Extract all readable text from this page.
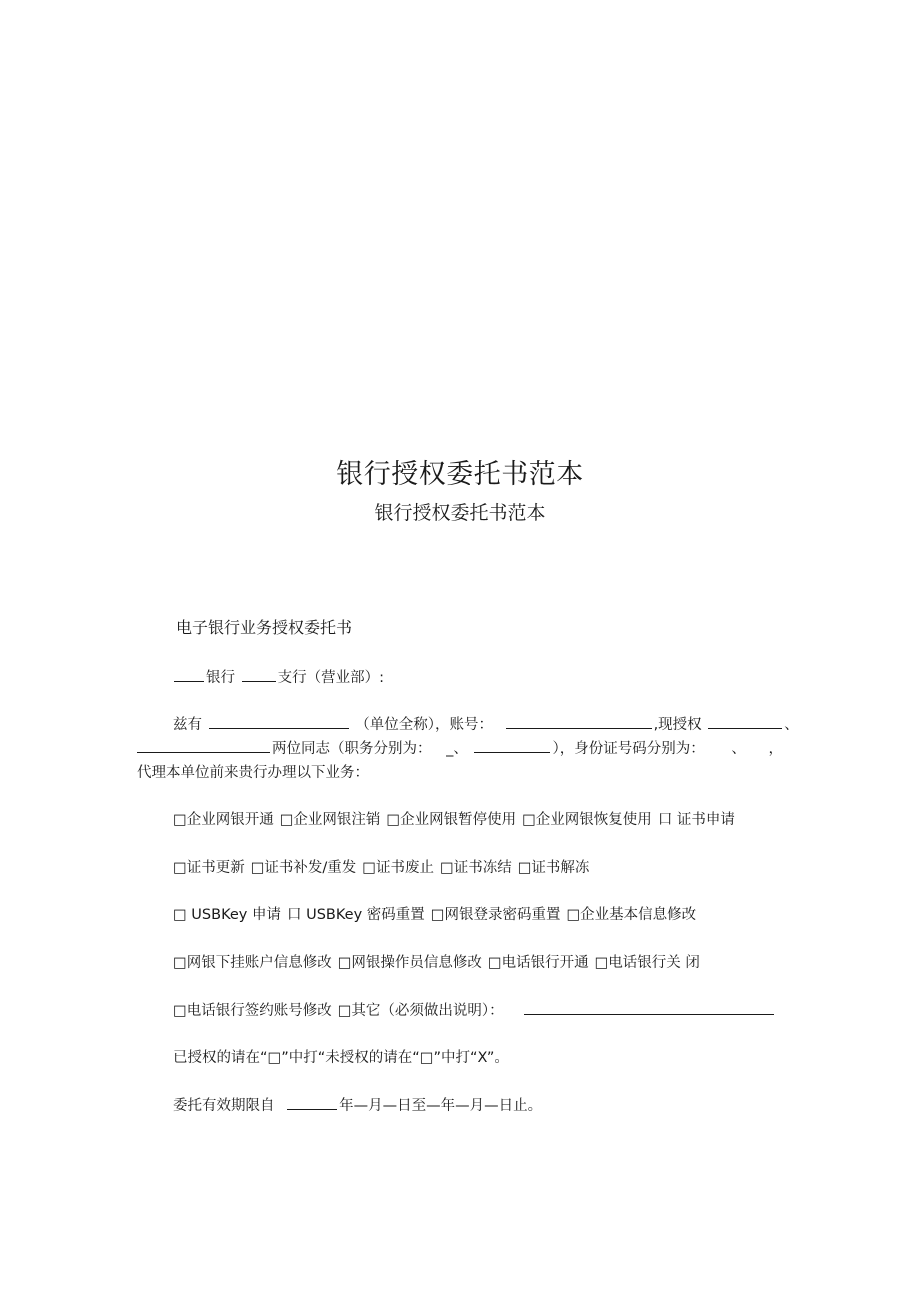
银行授权委托书范本
银行授权委托书范本
电子银行业务授权委托书
银行	支行（营业部）:
兹有	（单位全称），账号：	,现授权	、
两位同志（职务分别为： _、	），身份证号码分别为： 、 ，
代理本单位前来贵行办理以下业务：
□企业网银开通 □企业网银注销 □企业网银暂停使用 □企业网银恢复使用 口 证书申请
□证书更新 □证书补发/重发 □证书废止 □证书冻结 □证书解冻
□ USBKey 申请 口 USBKey 密码重置 □网银登录密码重置 □企业基本信息修改
□网银下挂账户信息修改 □网银操作员信息修改 □电话银行开通 □电话银行关 闭
□电话银行签约账号修改 □其它（必须做出说明）：
已授权的请在“□”中打“未授权的请在“□”中打“X”。
委托有效期限自	年—月—日至—年—月—日止。
